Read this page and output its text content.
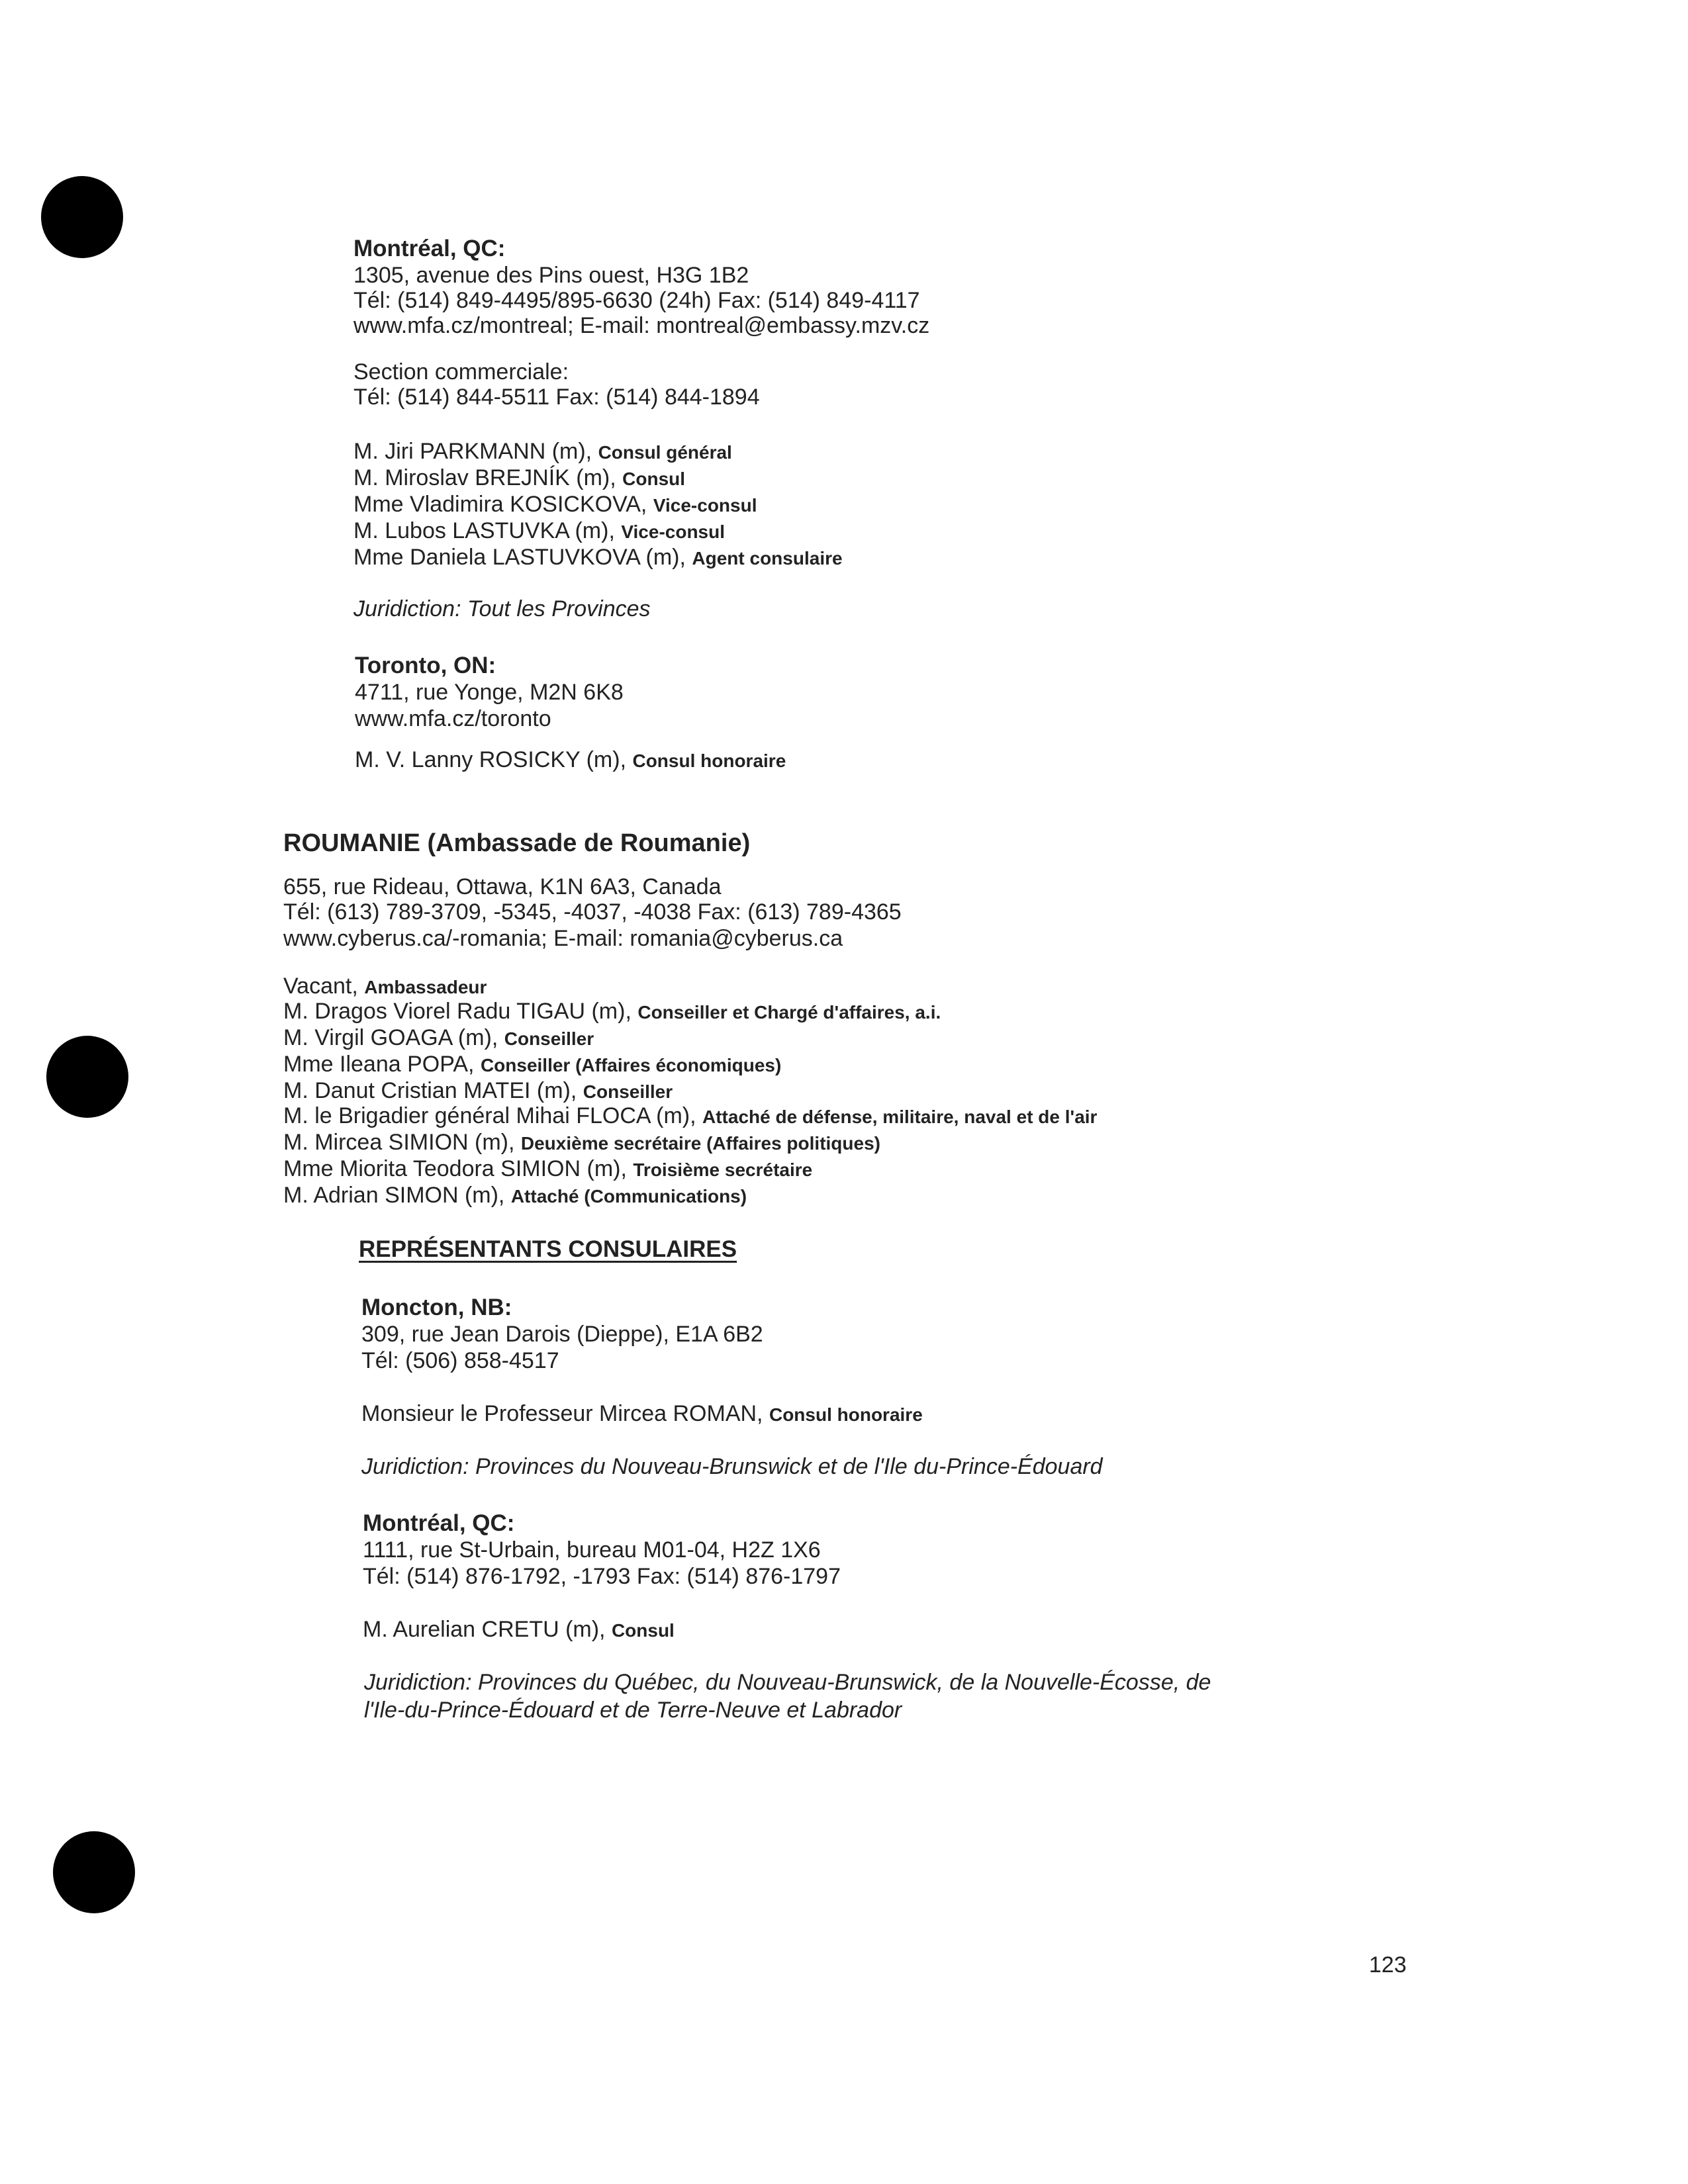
Montréal, QC:
1305, avenue des Pins ouest, H3G 1B2
Tél: (514) 849-4495/895-6630 (24h) Fax: (514) 849-4117
www.mfa.cz/montreal; E-mail: montreal@embassy.mzv.cz
Section commerciale:
Tél: (514) 844-5511 Fax: (514) 844-1894
M. Jiri PARKMANN (m), Consul général
M. Miroslav BREJNÍK (m), Consul
Mme Vladimira KOSICKOVA, Vice-consul
M. Lubos LASTUVKA (m), Vice-consul
Mme Daniela LASTUVKOVA (m), Agent consulaire
Juridiction: Tout les Provinces
Toronto, ON:
4711, rue Yonge, M2N 6K8
www.mfa.cz/toronto
M. V. Lanny ROSICKY (m), Consul honoraire
ROUMANIE (Ambassade de Roumanie)
655, rue Rideau, Ottawa, K1N 6A3, Canada
Tél: (613) 789-3709, -5345, -4037, -4038 Fax: (613) 789-4365
www.cyberus.ca/-romania; E-mail: romania@cyberus.ca
Vacant, Ambassadeur
M. Dragos Viorel Radu TIGAU (m), Conseiller et Chargé d'affaires, a.i.
M. Virgil GOAGA (m), Conseiller
Mme Ileana POPA, Conseiller (Affaires économiques)
M. Danut Cristian MATEI (m), Conseiller
M. le Brigadier général Mihai FLOCA (m), Attaché de défense, militaire, naval et de l'air
M. Mircea SIMION (m), Deuxième secrétaire (Affaires politiques)
Mme Miorita Teodora SIMION (m), Troisième secrétaire
M. Adrian SIMON (m), Attaché (Communications)
REPRÉSENTANTS CONSULAIRES
Moncton, NB:
309, rue Jean Darois (Dieppe), E1A 6B2
Tél: (506) 858-4517
Monsieur le Professeur Mircea ROMAN, Consul honoraire
Juridiction: Provinces du Nouveau-Brunswick et de l'Ile du-Prince-Édouard
Montréal, QC:
1111, rue St-Urbain, bureau M01-04, H2Z 1X6
Tél: (514) 876-1792, -1793 Fax: (514) 876-1797
M. Aurelian CRETU (m), Consul
Juridiction: Provinces du Québec, du Nouveau-Brunswick, de la Nouvelle-Écosse, de
l'Ile-du-Prince-Édouard et de Terre-Neuve et Labrador
123
